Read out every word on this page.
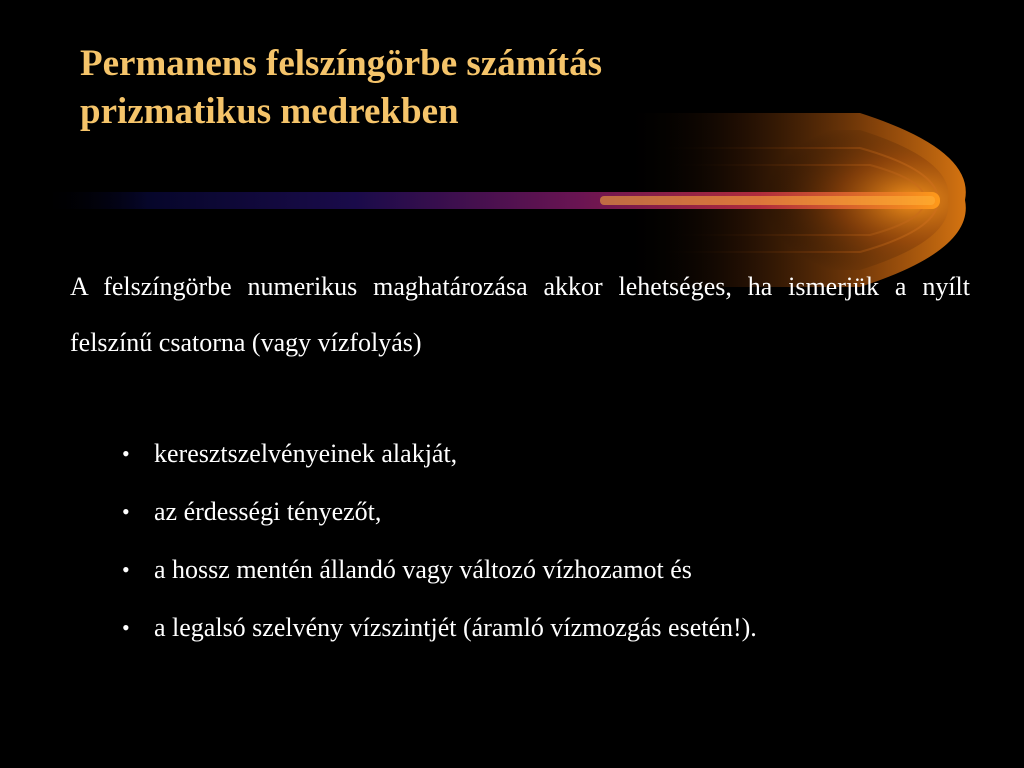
Permanens felszíngörbe számítás
prizmatikus medrekben

A felszíngörbe numerikus maghatározása akkor lehetséges, ha ismerjük a nyílt felszínű csatorna (vagy vízfolyás)

• keresztszelvényeinek alakját,
• az érdességi tényezőt,
• a hossz mentén állandó vagy változó vízhozamot és
• a legalsó szelvény vízszintjét (áramló vízmozgás esetén!).
